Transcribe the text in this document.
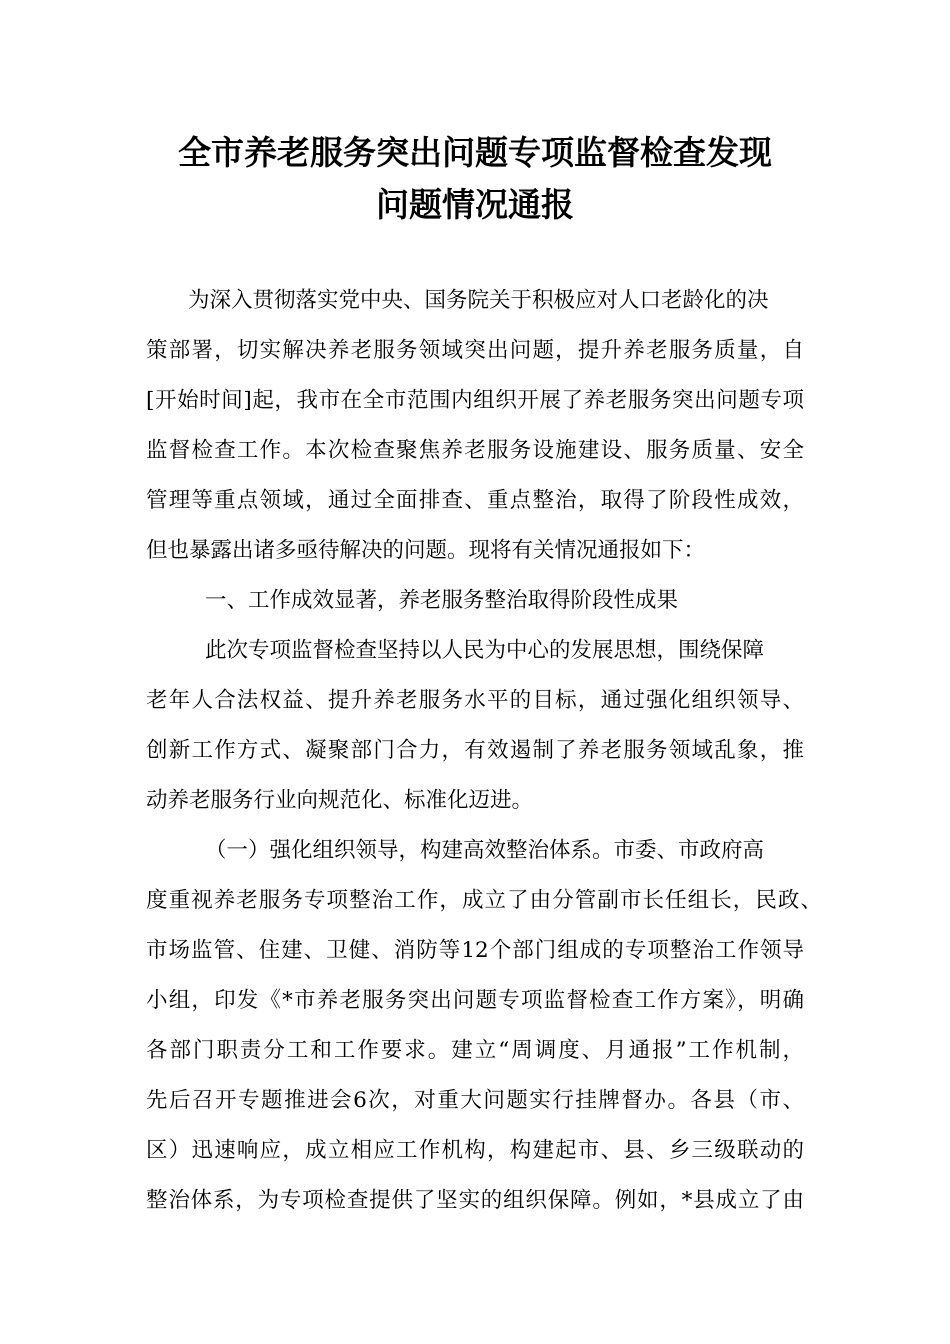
全市养老服务突出问题专项监督检查发现
问题情况通报
为深入贯彻落实党中央、国务院关于积极应对人口老龄化的决
策部署，切实解决养老服务领域突出问题，提升养老服务质量，自
[开始时间]起，我市在全市范围内组织开展了养老服务突出问题专项
监督检查工作。本次检查聚焦养老服务设施建设、服务质量、安全
管理等重点领域，通过全面排查、重点整治，取得了阶段性成效，
但也暴露出诸多亟待解决的问题。现将有关情况通报如下：
一、工作成效显著，养老服务整治取得阶段性成果
此次专项监督检查坚持以人民为中心的发展思想，围绕保障
老年人合法权益、提升养老服务水平的目标，通过强化组织领导、
创新工作方式、凝聚部门合力，有效遏制了养老服务领域乱象，推
动养老服务行业向规范化、标准化迈进。
（一）强化组织领导，构建高效整治体系。市委、市政府高
度重视养老服务专项整治工作，成立了由分管副市长任组长，民政、
市场监管、住建、卫健、消防等12个部门组成的专项整治工作领导
小组，印发《*市养老服务突出问题专项监督检查工作方案》，明确
各部门职责分工和工作要求。建立“周调度、月通报”工作机制，
先后召开专题推进会6次，对重大问题实行挂牌督办。各县（市、
区）迅速响应，成立相应工作机构，构建起市、县、乡三级联动的
整治体系，为专项检查提供了坚实的组织保障。例如，*县成立了由
